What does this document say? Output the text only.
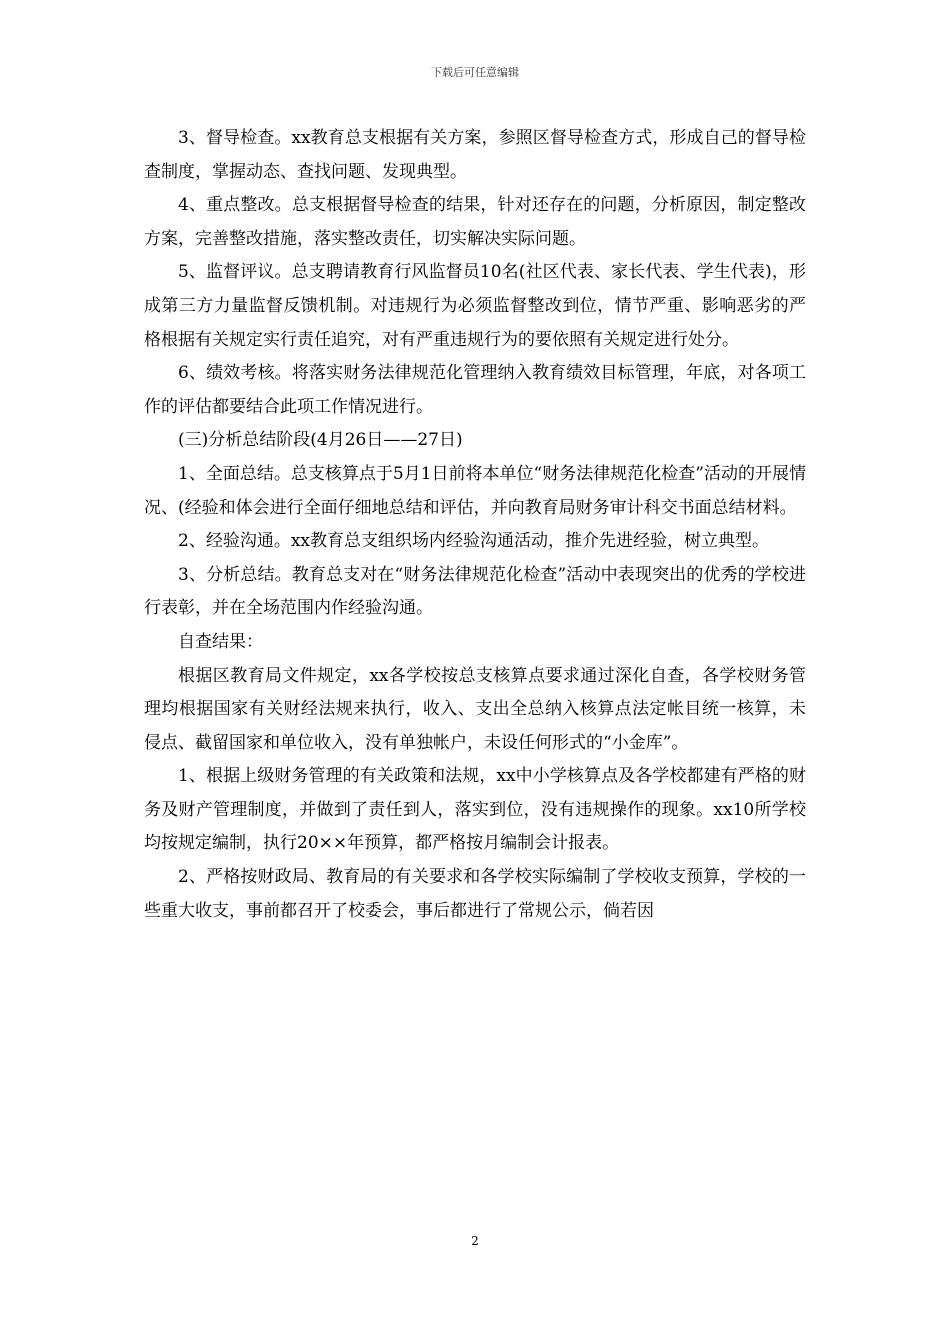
下载后可任意编辑

3、督导检查。xx教育总支根据有关方案，参照区督导检查方式，形成自己的督导检查制度，掌握动态、查找问题、发现典型。

4、重点整改。总支根据督导检查的结果，针对还存在的问题，分析原因，制定整改方案，完善整改措施，落实整改责任，切实解决实际问题。

5、监督评议。总支聘请教育行风监督员10名(社区代表、家长代表、学生代表)，形成第三方力量监督反馈机制。对违规行为必须监督整改到位，情节严重、影响恶劣的严格根据有关规定实行责任追究，对有严重违规行为的要依照有关规定进行处分。

6、绩效考核。将落实财务法律规范化管理纳入教育绩效目标管理，年底，对各项工作的评估都要结合此项工作情况进行。

(三)分析总结阶段(4月26日——27日)

1、全面总结。总支核算点于5月1日前将本单位“财务法律规范化检查”活动的开展情况、(经验和体会进行全面仔细地总结和评估，并向教育局财务审计科交书面总结材料。

2、经验沟通。xx教育总支组织场内经验沟通活动，推介先进经验，树立典型。

3、分析总结。教育总支对在“财务法律规范化检查”活动中表现突出的优秀的学校进行表彰，并在全场范围内作经验沟通。

自查结果：

根据区教育局文件规定，xx各学校按总支核算点要求通过深化自查，各学校财务管理均根据国家有关财经法规来执行，收入、支出全总纳入核算点法定帐目统一核算，未侵点、截留国家和单位收入，没有单独帐户，未设任何形式的“小金库”。

1、根据上级财务管理的有关政策和法规，xx中小学核算点及各学校都建有严格的财务及财产管理制度，并做到了责任到人，落实到位，没有违规操作的现象。xx10所学校均按规定编制，执行20××年预算，都严格按月编制会计报表。

2、严格按财政局、教育局的有关要求和各学校实际编制了学校收支预算，学校的一些重大收支，事前都召开了校委会，事后都进行了常规公示，倘若因

2
